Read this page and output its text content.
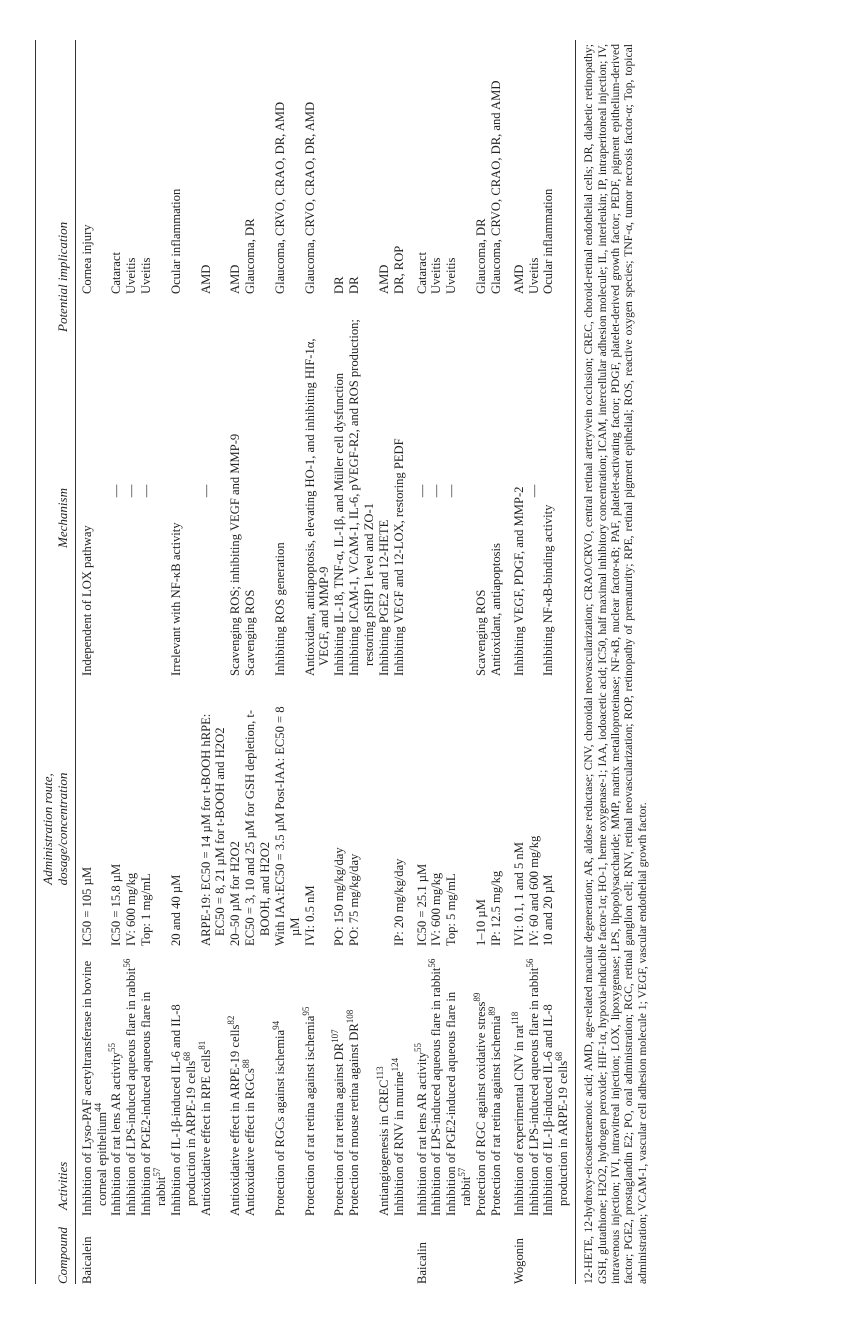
Compound
Activities
Administration route, dosage/concentration
Mechanism
Potential implication
Baicalein
Inhibition of Lyso-PAF acetyltransferase in bovine corneal epithelium$^{44}$
IC50 = 105 µM
Independent of LOX pathway
Cornea injury
Inhibition of rat lens AR activity$^{55}$
IC50 = 15.8 µM
—
Cataract
Inhibition of LPS-induced aqueous flare in rabbit$^{56}$
IV: 600 mg/kg
—
Uveitis
Inhibition of PGE2-induced aqueous flare in rabbit$^{57}$
Top: 1 mg/mL
—
Uveitis
Inhibition of IL-1β-induced IL-6 and IL-8 production in ARPE-19 cells$^{68}$
20 and 40 µM
Irrelevant with NF-κB activity
Ocular inflammation
Antioxidative effect in RPE cells$^{81}$
ARPE-19: EC50 = 14 µM for t-BOOH hRPE: EC50 = 8, 21 µM for t-BOOH and H2O2
—
AMD
Antioxidative effect in ARPE-19 cells$^{82}$
20–50 µM for H2O2
Scavenging ROS; inhibiting VEGF and MMP-9
AMD
Antioxidative effect in RGCs$^{88}$
EC50 = 3, 10 and 25 µM for GSH depletion, t-BOOH, and H2O2
Scavenging ROS
Glaucoma, DR
Protection of RGCs against ischemia$^{94}$
With IAA:EC50 = 3.5 µM Post-IAA: EC50 = 8 µM
Inhibiting ROS generation
Glaucoma, CRVO, CRAO, DR, AMD
Protection of rat retina against ischemia$^{95}$
IVI: 0.5 nM
Antioxidant, antiapoptosis, elevating HO-1, and inhibiting HIF-1α, VEGF, and MMP-9
Glaucoma, CRVO, CRAO, DR, AMD
Protection of rat retina against DR$^{107}$
PO: 150 mg/kg/day
Inhibiting IL-18, TNF-α, IL-1β, and Müller cell dysfunction
DR
Protection of mouse retina against DR$^{108}$
PO: 75 mg/kg/day
Inhibiting ICAM-1, VCAM-1, IL-6, pVEGF-R2, and ROS production; restoring pSHP1 level and ZO-1
DR
Antiangiogenesis in CREC$^{113}$
Inhibiting PGE2 and 12-HETE
AMD
Inhibition of RNV in murine$^{124}$
IP: 20 mg/kg/day
Inhibiting VEGF and 12-LOX, restoring PEDF
DR, ROP
Baicalin
Inhibition of rat lens AR activity$^{55}$
IC50 = 25.1 µM
—
Cataract
Inhibition of LPS-induced aqueous flare in rabbit$^{56}$
IV: 600 mg/kg
—
Uveitis
Inhibition of PGE2-induced aqueous flare in rabbit$^{57}$
Top: 5 mg/mL
—
Uveitis
Protection of RGC against oxidative stress$^{89}$
1–10 µM
Scavenging ROS
Glaucoma, DR
Protection of rat retina against ischemia$^{89}$
IP: 12.5 mg/kg
Antioxidant, antiapoptosis
Glaucoma, CRVO, CRAO, DR, and AMD
Wogonin
Inhibition of experimental CNV in rat$^{118}$
IVI: 0.1, 1 and 5 nM
Inhibiting VEGF, PDGF, and MMP-2
AMD
Inhibition of LPS-induced aqueous flare in rabbit$^{56}$
IV: 60 and 600 mg/kg
—
Uveitis
Inhibition of IL-1β-induced IL-6 and IL-8 production in ARPE-19 cells$^{68}$
10 and 20 µM
Inhibiting NF-κB-binding activity
Ocular inflammation 12-HETE, 12-hydroxy-eicosatetraenoic acid; AMD, age-related macular degeneration; AR, aldose reductase; CNV, choroidal neovascularization; CRAO/CRVO, central retinal artery/vein occlusion; CREC, choroid-retinal endothelial cells; DR, diabetic retinopathy; GSH, glutathione; H2O2, hydrogen peroxide; HIF-1α, hypoxia-inducible factor-1α; HO-1, heme oxygenase-1; IAA, iodoacetic acid; IC50, half maximal inhibitory concentration; ICAM, intercellular adhesion molecule; IL, interleukin; IP, intraperitoneal injection; IV, intravenous injection; IVI, intravitreal injection; LOX, lipoxygenase; LPS, lipopolysaccharide; MMP, matrix metalloproteinase; NF-κB, nuclear factor-κB; PAF, platelet-activating factor; PDGF, platelet-derived growth factor; PEDF, pigment epithelium-derived factor; PGE2, prostaglandin E2; PO, oral administration; RGC, retinal ganglion cell; RNV, retinal neovascularization; ROP, retinopathy of prematurity; RPE, retinal pigment epithelial; ROS, reactive oxygen species; TNF-α, tumor necrosis factor-α; Top, topical administration; VCAM-1, vascular cell adhesion molecule 1; VEGF, vascular endothelial growth factor.
